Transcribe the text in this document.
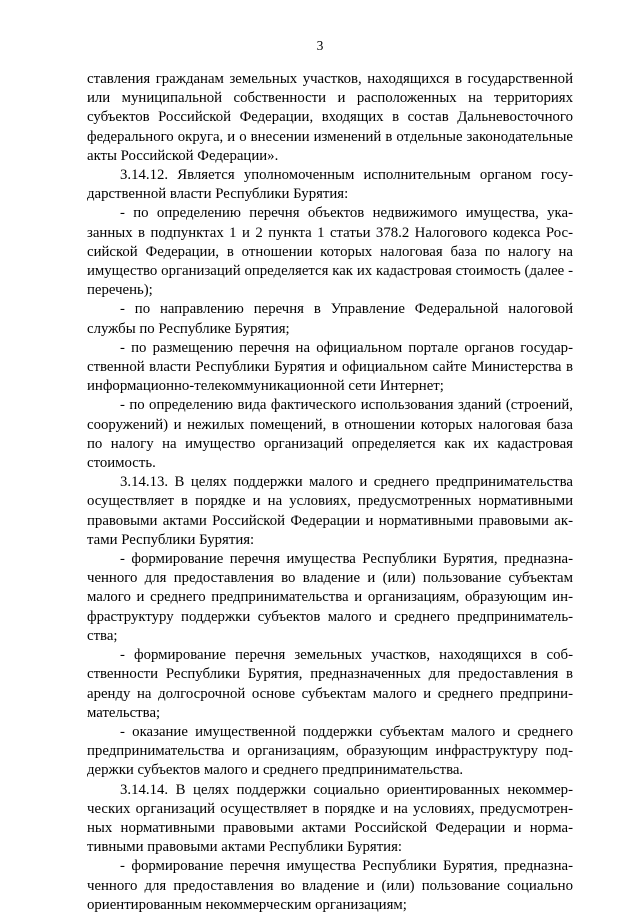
3

ставления гражданам земельных участков, находящихся в государственной или муниципальной собственности и расположенных на территориях субъектов Российской Федерации, входящих в состав Дальневосточного федерального округа, и о внесении изменений в отдельные законодательные акты Российской Федерации».

3.14.12. Является уполномоченным исполнительным органом государственной власти Республики Бурятия:

- по определению перечня объектов недвижимого имущества, указанных в подпунктах 1 и 2 пункта 1 статьи 378.2 Налогового кодекса Российской Федерации, в отношении которых налоговая база по налогу на имущество организаций определяется как их кадастровая стоимость (далее - перечень);

- по направлению перечня в Управление Федеральной налоговой службы по Республике Бурятия;

- по размещению перечня на официальном портале органов государственной власти Республики Бурятия и официальном сайте Министерства в информационно-телекоммуникационной сети Интернет;

- по определению вида фактического использования зданий (строений, сооружений) и нежилых помещений, в отношении которых налоговая база по налогу на имущество организаций определяется как их кадастровая стоимость.

3.14.13. В целях поддержки малого и среднего предпринимательства осуществляет в порядке и на условиях, предусмотренных нормативными правовыми актами Российской Федерации и нормативными правовыми актами Республики Бурятия:

- формирование перечня имущества Республики Бурятия, предназначенного для предоставления во владение и (или) пользование субъектам малого и среднего предпринимательства и организациям, образующим инфраструктуру поддержки субъектов малого и среднего предпринимательства;

- формирование перечня земельных участков, находящихся в собственности Республики Бурятия, предназначенных для предоставления в аренду на долгосрочной основе субъектам малого и среднего предпринимательства;

- оказание имущественной поддержки субъектам малого и среднего предпринимательства и организациям, образующим инфраструктуру поддержки субъектов малого и среднего предпринимательства.

3.14.14. В целях поддержки социально ориентированных некоммерческих организаций осуществляет в порядке и на условиях, предусмотренных нормативными правовыми актами Российской Федерации и нормативными правовыми актами Республики Бурятия:

- формирование перечня имущества Республики Бурятия, предназначенного для предоставления во владение и (или) пользование социально ориентированным некоммерческим организациям;
